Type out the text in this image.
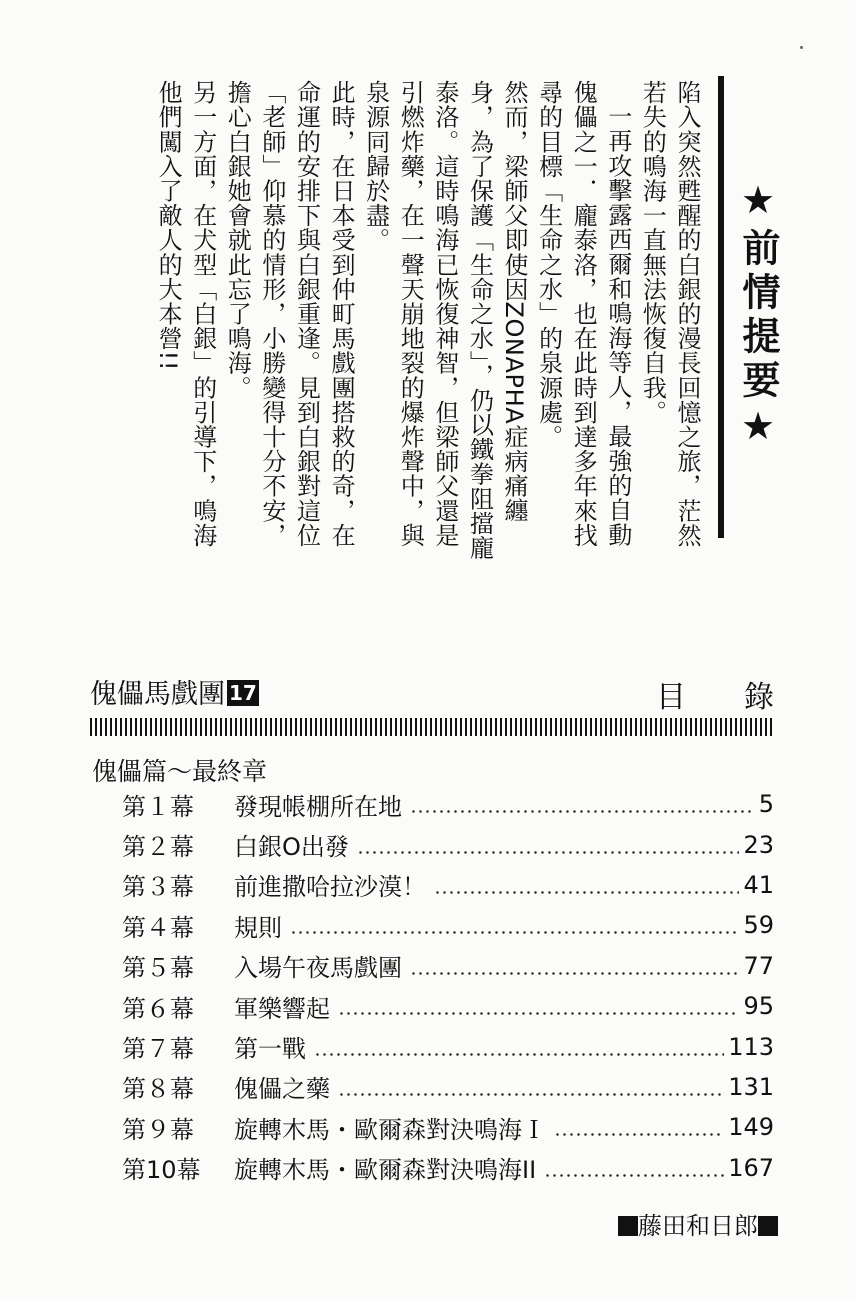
★前情提要★

陷入突然甦醒的白銀的漫長回憶之旅，茫然若失的鳴海一直無法恢復自我。

一再攻擊露西爾和鳴海等人，最強的自動傀儡之一．龐泰洛，也在此時到達多年來找尋的目標「生命之水」的泉源處。

然而，梁師父即使因ZONAPHA症病痛纏身，為了保護「生命之水」，仍以鐵拳阻擋龐泰洛。這時鳴海已恢復神智，但梁師父還是引燃炸藥，在一聲天崩地裂的爆炸聲中，與泉源同歸於盡。

此時，在日本受到仲町馬戲團搭救的奇，在命運的安排下與白銀重逢。見到白銀對這位「老師」仰慕的情形，小勝變得十分不安，擔心白銀她會就此忘了鳴海。

另一方面，在犬型「白銀」的引導下，鳴海他們闖入了敵人的大本營!!

傀儡馬戲團 17	目錄
傀儡篇～最終章
第１幕	發現帳棚所在地	5
第２幕	白銀O出發	23
第３幕	前進撒哈拉沙漠！	41
第４幕	規則	59
第５幕	入場午夜馬戲團	77
第６幕	軍樂響起	95
第７幕	第一戰	113
第８幕	傀儡之藥	131
第９幕	旋轉木馬・歐爾森對決鳴海Ｉ	149
第10幕	旋轉木馬・歐爾森對決鳴海II	167
藤田和日郎
